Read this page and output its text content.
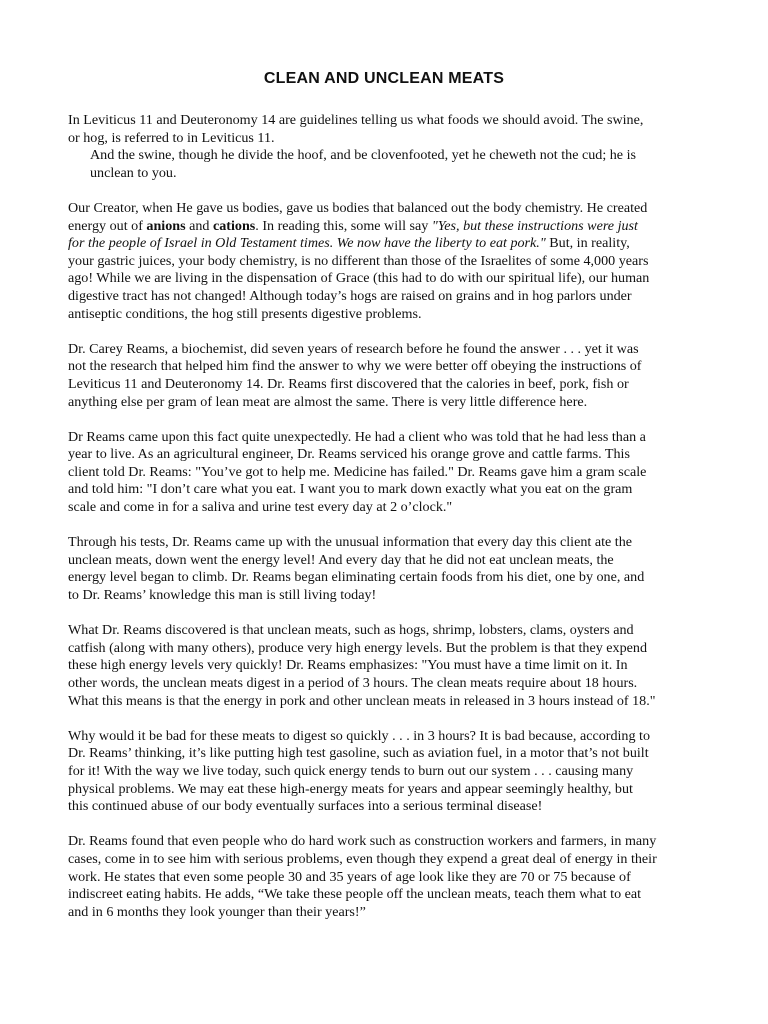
CLEAN AND UNCLEAN MEATS

In Leviticus 11 and Deuteronomy 14 are guidelines telling us what foods we should avoid. The swine,
or hog, is referred to in Leviticus 11.

And the swine, though he divide the hoof, and be clovenfooted, yet he cheweth not the cud; he is
unclean to you.

Our Creator, when He gave us bodies, gave us bodies that balanced out the body chemistry. He created
energy out of anions and cations. In reading this, some will say "Yes, but these instructions were just
for the people of Israel in Old Testament times. We now have the liberty to eat pork." But, in reality,
your gastric juices, your body chemistry, is no different than those of the Israelites of some 4,000 years
ago! While we are living in the dispensation of Grace (this had to do with our spiritual life), our human
digestive tract has not changed! Although today’s hogs are raised on grains and in hog parlors under
antiseptic conditions, the hog still presents digestive problems.

Dr. Carey Reams, a biochemist, did seven years of research before he found the answer . . . yet it was
not the research that helped him find the answer to why we were better off obeying the instructions of
Leviticus 11 and Deuteronomy 14. Dr. Reams first discovered that the calories in beef, pork, fish or
anything else per gram of lean meat are almost the same. There is very little difference here.

Dr Reams came upon this fact quite unexpectedly. He had a client who was told that he had less than a
year to live. As an agricultural engineer, Dr. Reams serviced his orange grove and cattle farms. This
client told Dr. Reams: "You’ve got to help me. Medicine has failed." Dr. Reams gave him a gram scale
and told him: "I don’t care what you eat. I want you to mark down exactly what you eat on the gram
scale and come in for a saliva and urine test every day at 2 o’clock."

Through his tests, Dr. Reams came up with the unusual information that every day this client ate the
unclean meats, down went the energy level! And every day that he did not eat unclean meats, the
energy level began to climb. Dr. Reams began eliminating certain foods from his diet, one by one, and
to Dr. Reams’ knowledge this man is still living today!

What Dr. Reams discovered is that unclean meats, such as hogs, shrimp, lobsters, clams, oysters and
catfish (along with many others), produce very high energy levels. But the problem is that they expend
these high energy levels very quickly! Dr. Reams emphasizes: "You must have a time limit on it. In
other words, the unclean meats digest in a period of 3 hours. The clean meats require about 18 hours.
What this means is that the energy in pork and other unclean meats in released in 3 hours instead of 18."

Why would it be bad for these meats to digest so quickly . . . in 3 hours? It is bad because, according to
Dr. Reams’ thinking, it’s like putting high test gasoline, such as aviation fuel, in a motor that’s not built
for it! With the way we live today, such quick energy tends to burn out our system . . . causing many
physical problems. We may eat these high-energy meats for years and appear seemingly healthy, but
this continued abuse of our body eventually surfaces into a serious terminal disease!

Dr. Reams found that even people who do hard work such as construction workers and farmers, in many
cases, come in to see him with serious problems, even though they expend a great deal of energy in their
work. He states that even some people 30 and 35 years of age look like they are 70 or 75 because of
indiscreet eating habits. He adds, “We take these people off the unclean meats, teach them what to eat
and in 6 months they look younger than their years!”
